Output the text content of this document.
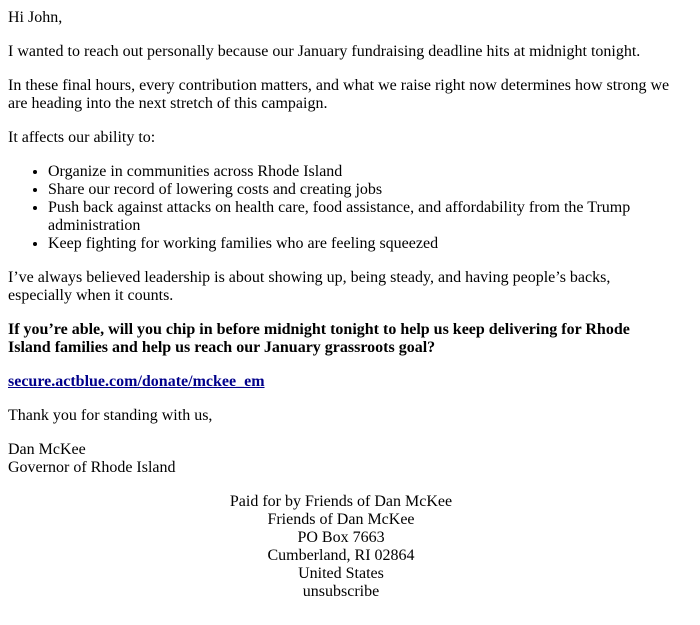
Hi John,

I wanted to reach out personally because our January fundraising deadline hits at midnight tonight.

In these final hours, every contribution matters, and what we raise right now determines how strong we are heading into the next stretch of this campaign.

It affects our ability to:

• Organize in communities across Rhode Island
• Share our record of lowering costs and creating jobs
• Push back against attacks on health care, food assistance, and affordability from the Trump administration
• Keep fighting for working families who are feeling squeezed

I’ve always believed leadership is about showing up, being steady, and having people’s backs, especially when it counts.

If you’re able, will you chip in before midnight tonight to help us keep delivering for Rhode Island families and help us reach our January grassroots goal?

secure.actblue.com/donate/mckee_em

Thank you for standing with us,

Dan McKee

Governor of Rhode Island

Paid for by Friends of Dan McKee
Friends of Dan McKee
PO Box 7663
Cumberland, RI 02864
United States
unsubscribe
